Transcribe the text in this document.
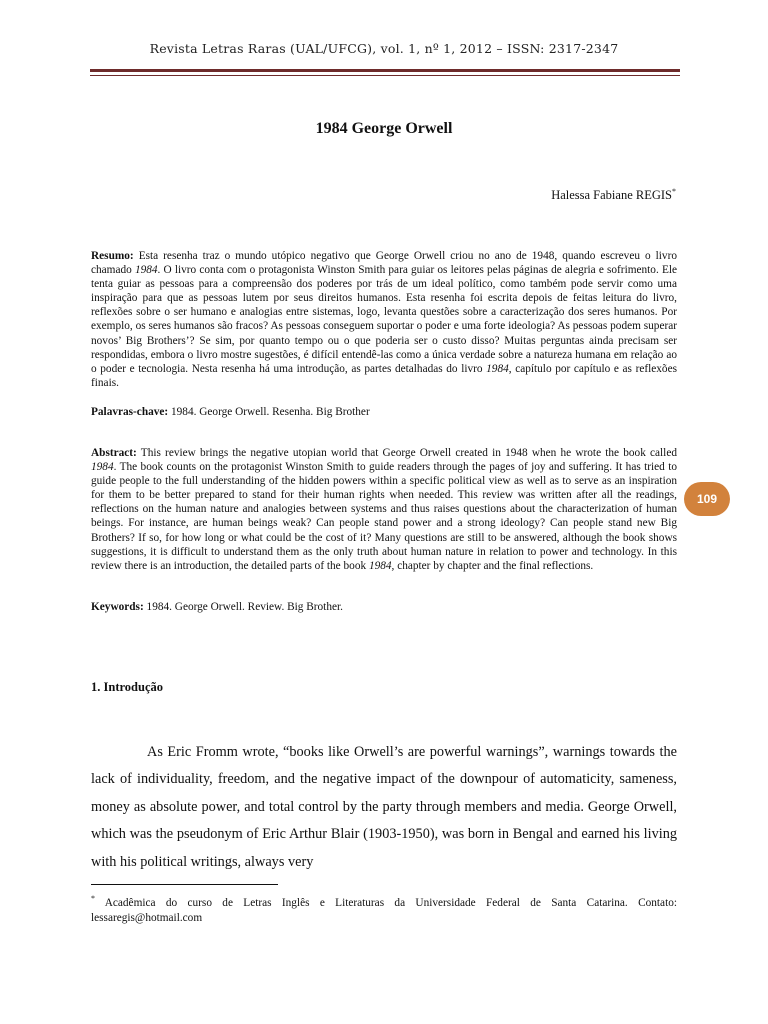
Revista Letras Raras (UAL/UFCG), vol. 1, nº 1, 2012 – ISSN: 2317-2347
1984 George Orwell
Halessa Fabiane REGIS*
Resumo: Esta resenha traz o mundo utópico negativo que George Orwell criou no ano de 1948, quando escreveu o livro chamado 1984. O livro conta com o protagonista Winston Smith para guiar os leitores pelas páginas de alegria e sofrimento. Ele tenta guiar as pessoas para a compreensão dos poderes por trás de um ideal político, como também pode servir como uma inspiração para que as pessoas lutem por seus direitos humanos. Esta resenha foi escrita depois de feitas leitura do livro, reflexões sobre o ser humano e analogias entre sistemas, logo, levanta questões sobre a caracterização dos seres humanos. Por exemplo, os seres humanos são fracos? As pessoas conseguem suportar o poder e uma forte ideologia? As pessoas podem superar novos’ Big Brothers’? Se sim, por quanto tempo ou o que poderia ser o custo disso? Muitas perguntas ainda precisam ser respondidas, embora o livro mostre sugestões, é difícil entendê-las como a única verdade sobre a natureza humana em relação ao o poder e tecnologia. Nesta resenha há uma introdução, as partes detalhadas do livro 1984, capítulo por capítulo e as reflexões finais.
Palavras-chave: 1984. George Orwell. Resenha. Big Brother
Abstract: This review brings the negative utopian world that George Orwell created in 1948 when he wrote the book called 1984. The book counts on the protagonist Winston Smith to guide readers through the pages of joy and suffering. It has tried to guide people to the full understanding of the hidden powers within a specific political view as well as to serve as an inspiration for them to be better prepared to stand for their human rights when needed. This review was written after all the readings, reflections on the human nature and analogies between systems and thus raises questions about the characterization of human beings. For instance, are human beings weak? Can people stand power and a strong ideology? Can people stand new Big Brothers? If so, for how long or what could be the cost of it? Many questions are still to be answered, although the book shows suggestions, it is difficult to understand them as the only truth about human nature in relation to power and technology. In this review there is an introduction, the detailed parts of the book 1984, chapter by chapter and the final reflections.
Keywords: 1984. George Orwell. Review. Big Brother.
1. Introdução
As Eric Fromm wrote, “books like Orwell’s are powerful warnings”, warnings towards the lack of individuality, freedom, and the negative impact of the downpour of automaticity, sameness, money as absolute power, and total control by the party through members and media. George Orwell, which was the pseudonym of Eric Arthur Blair (1903-1950), was born in Bengal and earned his living with his political writings, always very
* Acadêmica do curso de Letras Inglês e Literaturas da Universidade Federal de Santa Catarina. Contato: lessaregis@hotmail.com
109
